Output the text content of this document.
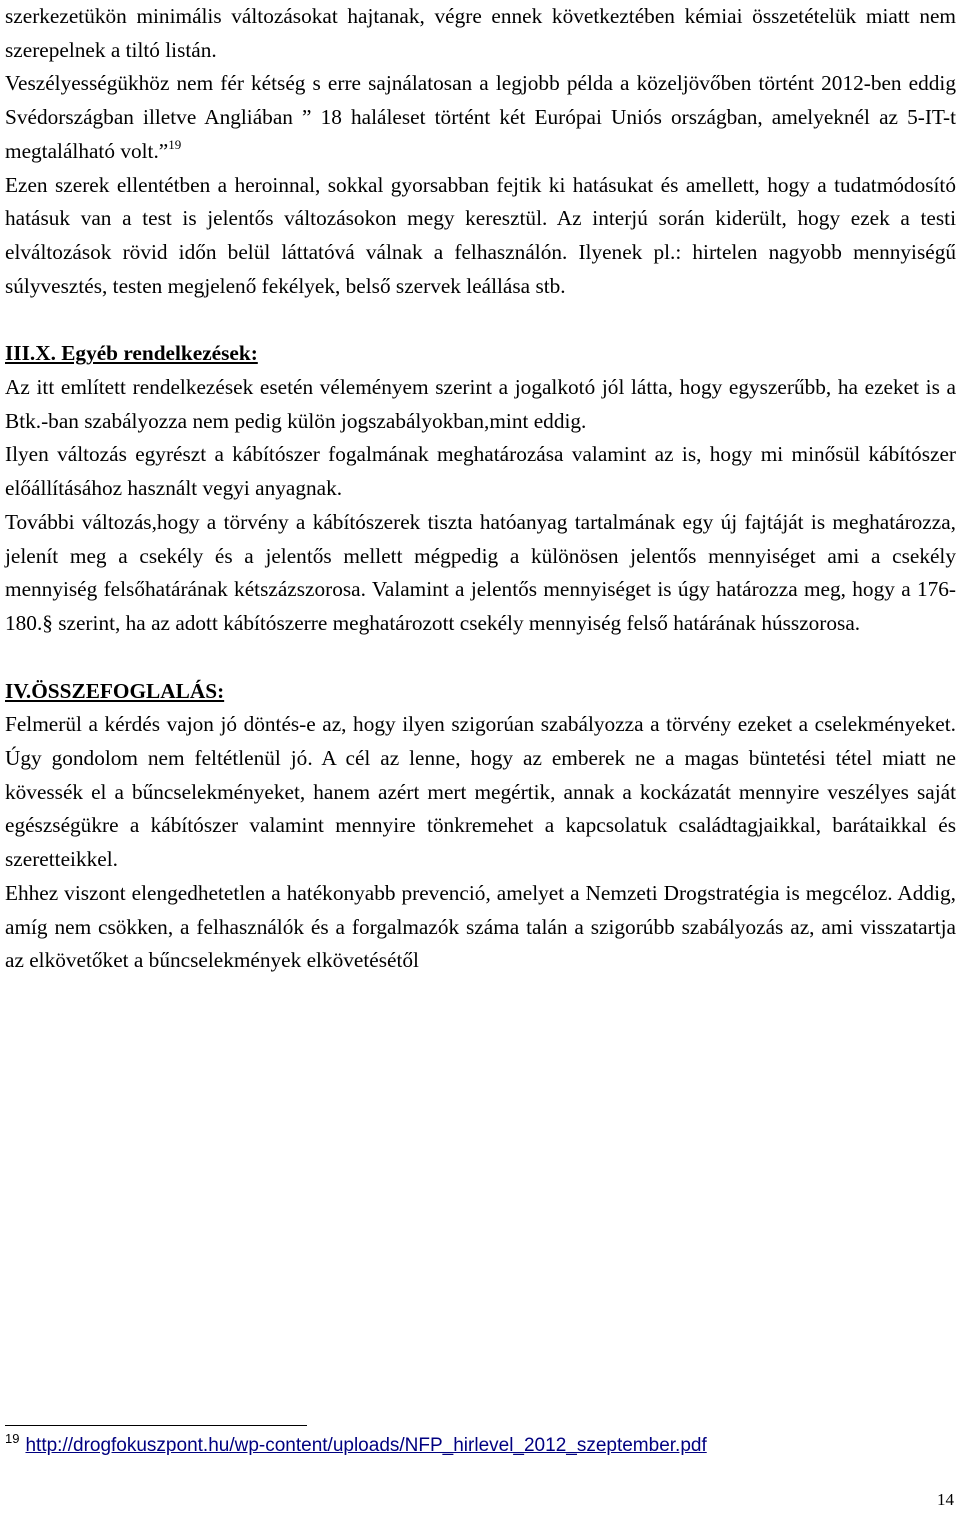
szerkezetükön minimális változásokat hajtanak, végre ennek következtében kémiai összetételük miatt nem szerepelnek a tiltó listán.

Veszélyességükhöz nem fér kétség s erre sajnálatosan a legjobb példa a közeljövőben történt 2012-ben eddig Svédországban illetve Angliában ” 18 haláleset történt két Európai Uniós országban, amelyeknél az 5-IT-t megtalálható volt.”$^{19}$

Ezen szerek ellentétben a heroinnal, sokkal gyorsabban fejtik ki hatásukat és amellett, hogy a tudatmódosító hatásuk van a test is jelentős változásokon megy keresztül. Az interjú során kiderült, hogy ezek a testi elváltozások rövid időn belül láttatóvá válnak a felhasználón. Ilyenek pl.: hirtelen nagyobb mennyiségű súlyvesztés, testen megjelenő fekélyek, belső szervek leállása stb.

III.X. Egyéb rendelkezések:

Az itt említett rendelkezések esetén véleményem szerint a jogalkotó jól látta, hogy egyszerűbb, ha ezeket is a Btk.-ban szabályozza nem pedig külön jogszabályokban,mint eddig.

Ilyen változás egyrészt a kábítószer fogalmának meghatározása valamint az is, hogy mi minősül kábítószer előállításához használt vegyi anyagnak.

További változás,hogy a törvény a kábítószerek tiszta hatóanyag tartalmának egy új fajtáját is meghatározza, jelenít meg a csekély és a jelentős mellett mégpedig a különösen jelentős mennyiséget ami a csekély mennyiség felsőhatárának kétszázszorosa. Valamint a jelentős mennyiséget is úgy határozza meg, hogy a 176-180.§ szerint, ha az adott kábítószerre meghatározott csekély mennyiség felső határának hússzorosa.

IV.ÖSSZEFOGLALÁS:

Felmerül a kérdés vajon jó döntés-e az, hogy ilyen szigorúan szabályozza a törvény ezeket a cselekményeket. Úgy gondolom nem feltétlenül jó. A cél az lenne, hogy az emberek ne a magas büntetési tétel miatt ne kövessék el a bűncselekményeket, hanem azért mert megértik, annak a kockázatát mennyire veszélyes saját egészségükre a kábítószer valamint mennyire tönkremehet a kapcsolatuk családtagjaikkal, barátaikkal és szeretteikkel.

Ehhez viszont elengedhetetlen a hatékonyabb prevenció, amelyet a Nemzeti Drogstratégia is megcéloz. Addig, amíg nem csökken, a felhasználók és a forgalmazók száma talán a szigorúbb szabályozás az, ami visszatartja az elkövetőket a bűncselekmények elkövetésétől

$^{19}$ http://drogfokuszpont.hu/wp-content/uploads/NFP_hirlevel_2012_szeptember.pdf
14
